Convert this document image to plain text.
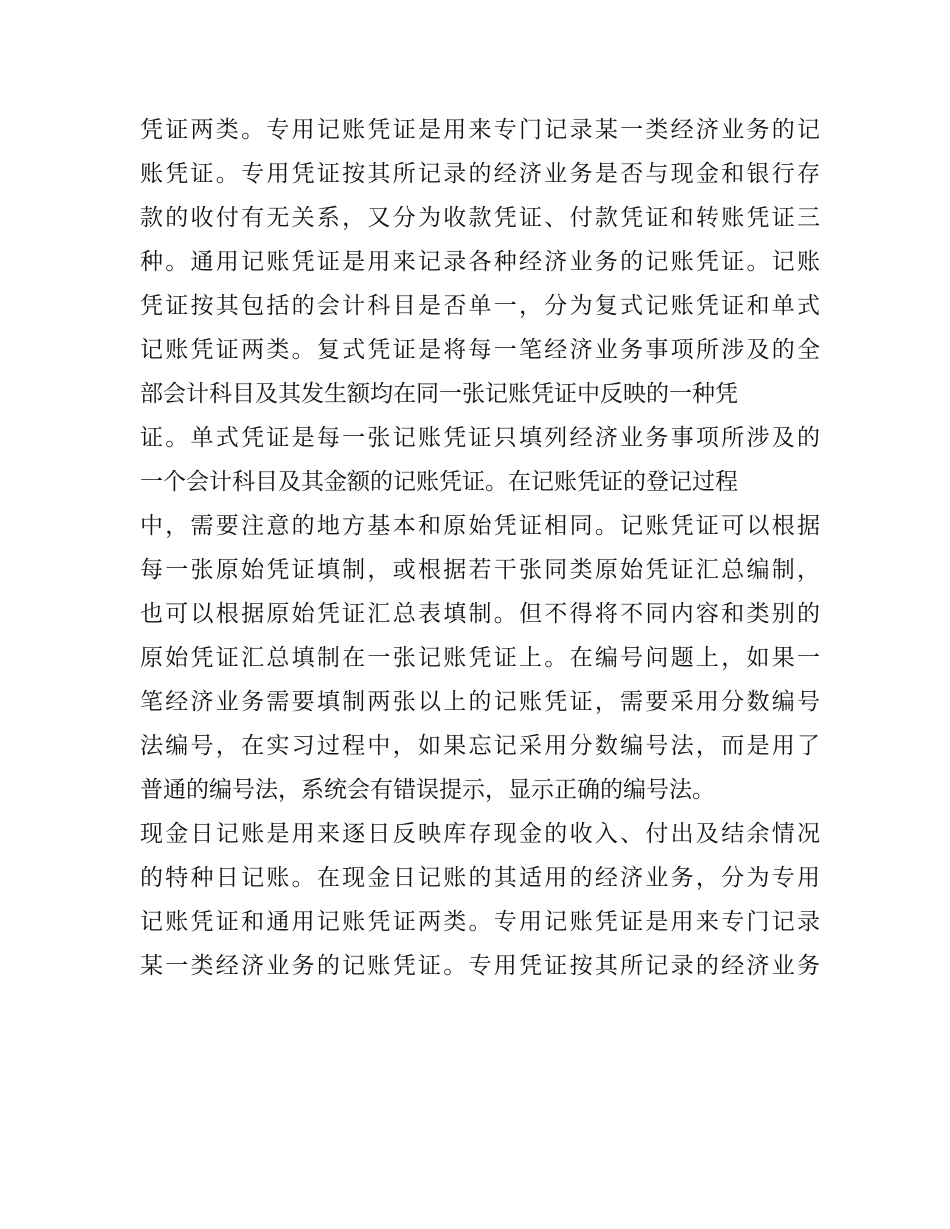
凭证两类。专用记账凭证是用来专门记录某一类经济业务的记
账凭证。专用凭证按其所记录的经济业务是否与现金和银行存
款的收付有无关系，又分为收款凭证、付款凭证和转账凭证三
种。通用记账凭证是用来记录各种经济业务的记账凭证。记账
凭证按其包括的会计科目是否单一，分为复式记账凭证和单式
记账凭证两类。复式凭证是将每一笔经济业务事项所涉及的全
部会计科目及其发生额均在同一张记账凭证中反映的一种凭
证。单式凭证是每一张记账凭证只填列经济业务事项所涉及的
一个会计科目及其金额的记账凭证。在记账凭证的登记过程
中，需要注意的地方基本和原始凭证相同。记账凭证可以根据
每一张原始凭证填制，或根据若干张同类原始凭证汇总编制，
也可以根据原始凭证汇总表填制。但不得将不同内容和类别的
原始凭证汇总填制在一张记账凭证上。在编号问题上，如果一
笔经济业务需要填制两张以上的记账凭证，需要采用分数编号
法编号，在实习过程中，如果忘记采用分数编号法，而是用了
普通的编号法，系统会有错误提示，显示正确的编号法。
现金日记账是用来逐日反映库存现金的收入、付出及结余情况
的特种日记账。在现金日记账的其适用的经济业务，分为专用
记账凭证和通用记账凭证两类。专用记账凭证是用来专门记录
某一类经济业务的记账凭证。专用凭证按其所记录的经济业务
